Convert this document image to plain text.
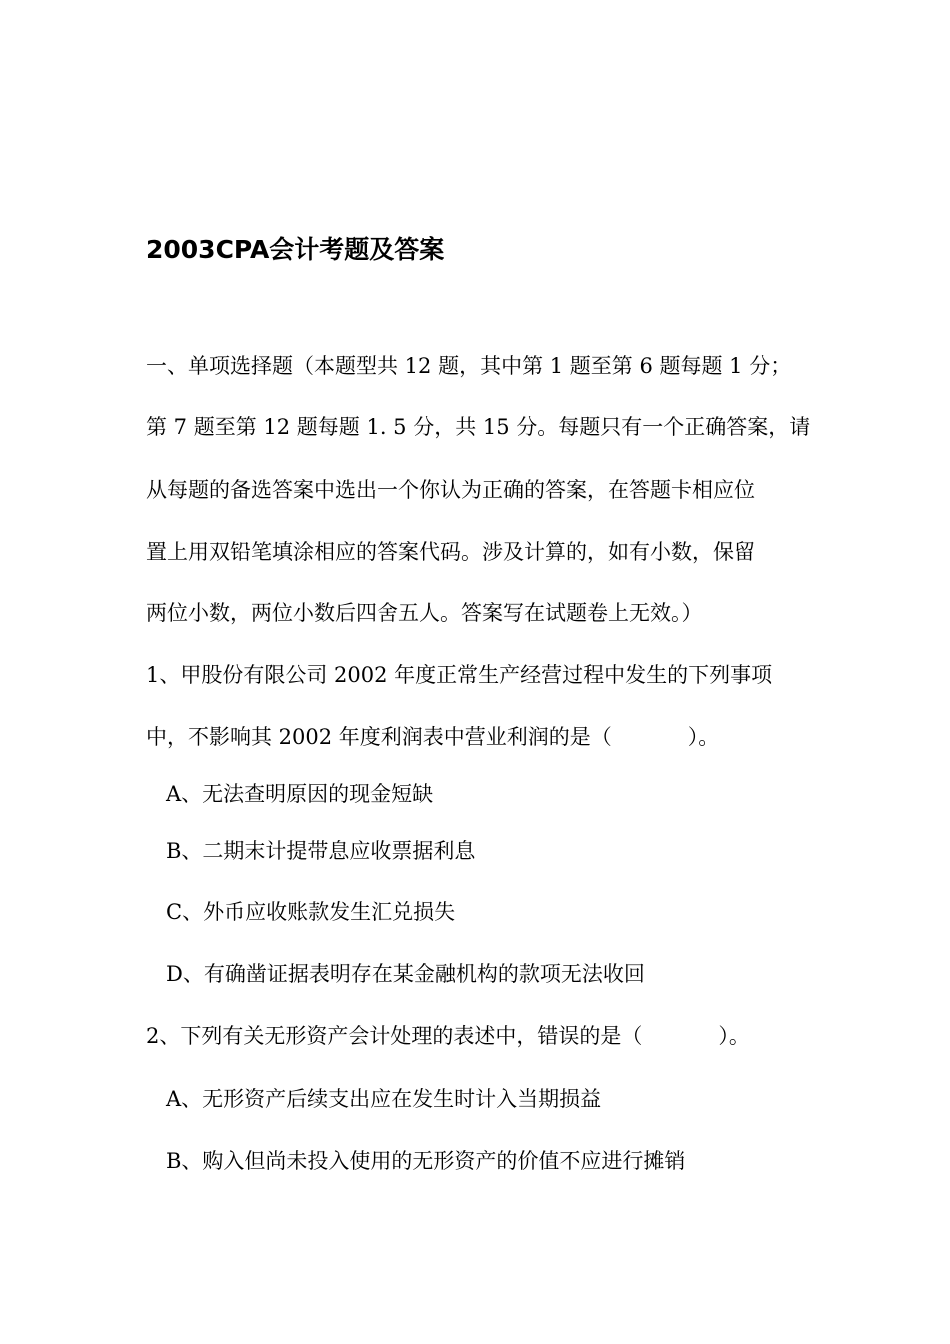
2003CPA会计考题及答案
一、单项选择题（本题型共 12 题，其中第 1 题至第 6 题每题 1 分；
第 7 题至第 12 题每题 1. 5 分，共 15 分。每题只有一个正确答案，请
从每题的备选答案中选出一个你认为正确的答案，在答题卡相应位
置上用双铅笔填涂相应的答案代码。涉及计算的，如有小数，保留
两位小数，两位小数后四舍五人。答案写在试题卷上无效。）
1、甲股份有限公司 2002 年度正常生产经营过程中发生的下列事项
中，不影响其 2002 年度利润表中营业利润的是（	）。
A、无法查明原因的现金短缺
B、二期末计提带息应收票据利息
C、外币应收账款发生汇兑损失
D、有确凿证据表明存在某金融机构的款项无法收回
2、下列有关无形资产会计处理的表述中，错误的是（	）。
A、无形资产后续支出应在发生时计入当期损益
B、购入但尚未投入使用的无形资产的价值不应进行摊销
